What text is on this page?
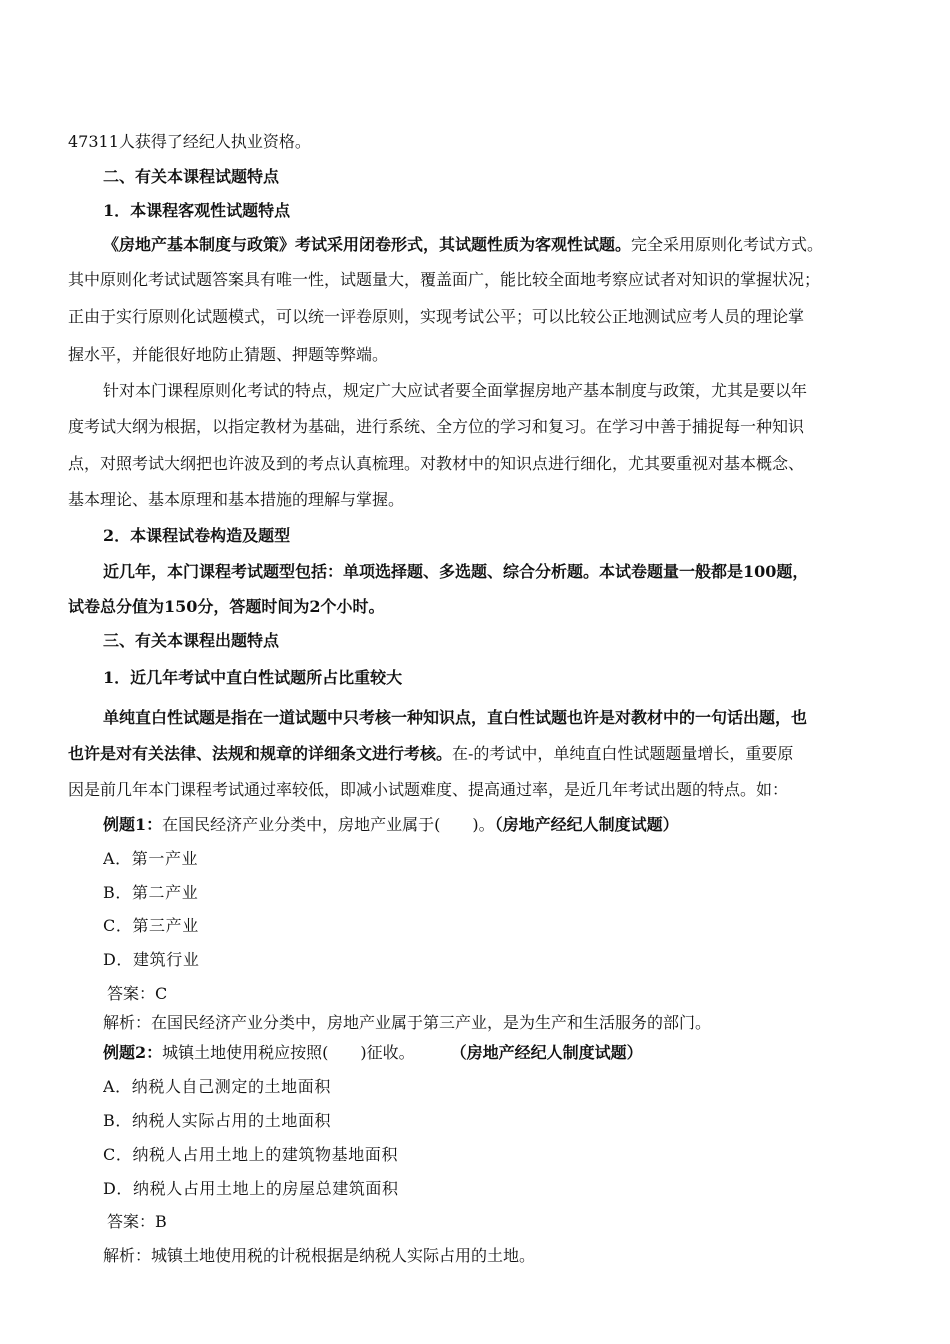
47311人获得了经纪人执业资格。
二、有关本课程试题特点
1．本课程客观性试题特点
《房地产基本制度与政策》考试采用闭卷形式，其试题性质为客观性试题。完全采用原则化考试方式。
其中原则化考试试题答案具有唯一性，试题量大，覆盖面广，能比较全面地考察应试者对知识的掌握状况；
正由于实行原则化试题模式，可以统一评卷原则，实现考试公平；可以比较公正地测试应考人员的理论掌
握水平，并能很好地防止猜题、押题等弊端。
针对本门课程原则化考试的特点，规定广大应试者要全面掌握房地产基本制度与政策，尤其是要以年
度考试大纲为根据，以指定教材为基础，进行系统、全方位的学习和复习。在学习中善于捕捉每一种知识
点，对照考试大纲把也许波及到的考点认真梳理。对教材中的知识点进行细化，尤其要重视对基本概念、
基本理论、基本原理和基本措施的理解与掌握。
2．本课程试卷构造及题型
近几年，本门课程考试题型包括：单项选择题、多选题、综合分析题。本试卷题量一般都是100题，
试卷总分值为150分，答题时间为2个小时。
三、有关本课程出题特点
1．近几年考试中直白性试题所占比重较大
单纯直白性试题是指在一道试题中只考核一种知识点，直白性试题也许是对教材中的一句话出题，也
也许是对有关法律、法规和规章的详细条文进行考核。在-的考试中，单纯直白性试题题量增长，重要原
因是前几年本门课程考试通过率较低，即减小试题难度、提高通过率，是近几年考试出题的特点。如：
例题1：在国民经济产业分类中，房地产业属于(　　)。（房地产经纪人制度试题）
A．第一产业
B．第二产业
C．第三产业
D．建筑行业
答案：C
解析：在国民经济产业分类中，房地产业属于第三产业，是为生产和生活服务的部门。
例题2：城镇土地使用税应按照(　　)征收。 （房地产经纪人制度试题）
A．纳税人自己测定的土地面积
B．纳税人实际占用的土地面积
C．纳税人占用土地上的建筑物基地面积
D．纳税人占用土地上的房屋总建筑面积
答案：B
解析：城镇土地使用税的计税根据是纳税人实际占用的土地。
